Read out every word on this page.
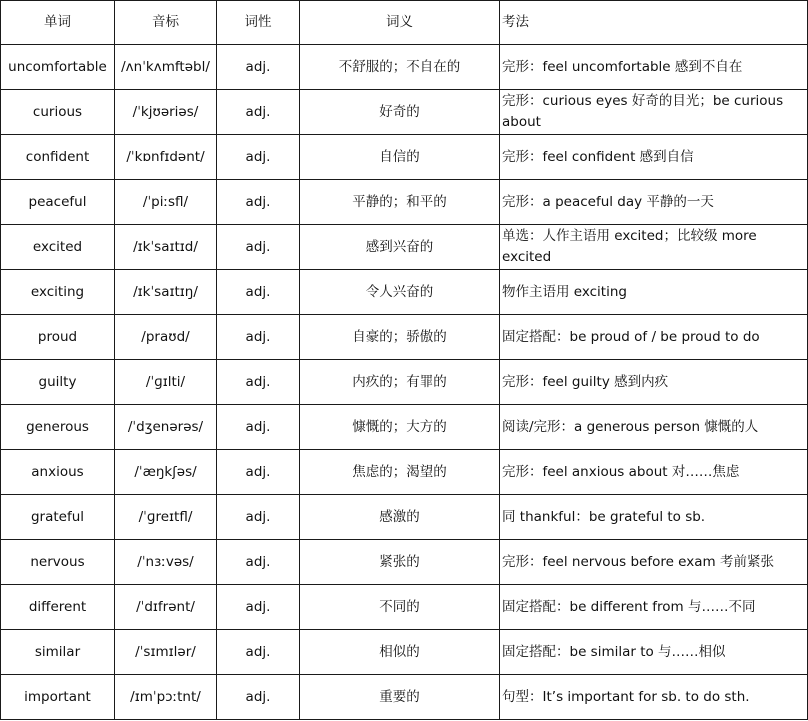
单词	音标	词性	词义	考法
uncomfortable	/ʌnˈkʌmftəbl/	adj.	不舒服的；不自在的	完形：feel uncomfortable 感到不自在
curious	/ˈkjʊəriəs/	adj.	好奇的	完形：curious eyes 好奇的目光；be curious about
confident	/ˈkɒnfɪdənt/	adj.	自信的	完形：feel confident 感到自信
peaceful	/ˈpiːsfl/	adj.	平静的；和平的	完形：a peaceful day 平静的一天
excited	/ɪkˈsaɪtɪd/	adj.	感到兴奋的	单选：人作主语用 excited；比较级 more excited
exciting	/ɪkˈsaɪtɪŋ/	adj.	令人兴奋的	物作主语用 exciting
proud	/praʊd/	adj.	自豪的；骄傲的	固定搭配：be proud of / be proud to do
guilty	/ˈɡɪlti/	adj.	内疚的；有罪的	完形：feel guilty 感到内疚
generous	/ˈdʒenərəs/	adj.	慷慨的；大方的	阅读/完形：a generous person 慷慨的人
anxious	/ˈæŋkʃəs/	adj.	焦虑的；渴望的	完形：feel anxious about 对……焦虑
grateful	/ˈɡreɪtfl/	adj.	感激的	同 thankful：be grateful to sb.
nervous	/ˈnɜːvəs/	adj.	紧张的	完形：feel nervous before exam 考前紧张
different	/ˈdɪfrənt/	adj.	不同的	固定搭配：be different from 与……不同
similar	/ˈsɪmɪlər/	adj.	相似的	固定搭配：be similar to 与……相似
important	/ɪmˈpɔːtnt/	adj.	重要的	句型：It’s important for sb. to do sth.
